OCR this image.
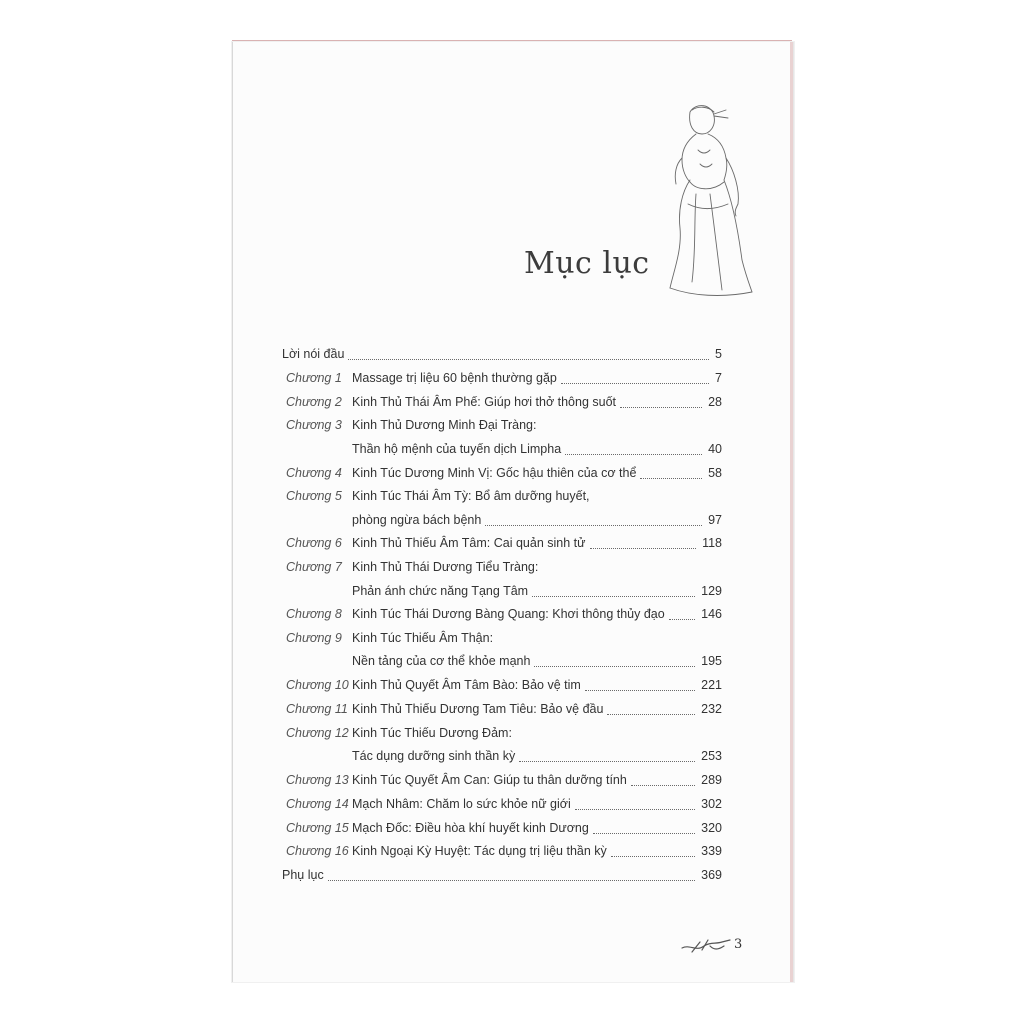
Mục lục
Lời nói đầu	5
Chương 1 Massage trị liệu 60 bệnh thường gặp	7
Chương 2 Kinh Thủ Thái Âm Phế: Giúp hơi thở thông suốt	28
Chương 3 Kinh Thủ Dương Minh Đại Tràng:
Thần hộ mệnh của tuyến dịch Limpha	40
Chương 4 Kinh Túc Dương Minh Vị: Gốc hậu thiên của cơ thể	58
Chương 5 Kinh Túc Thái Âm Tỳ: Bổ âm dưỡng huyết,
phòng ngừa bách bệnh	97
Chương 6 Kinh Thủ Thiếu Âm Tâm: Cai quản sinh tử	118
Chương 7 Kinh Thủ Thái Dương Tiểu Tràng:
Phản ánh chức năng Tạng Tâm	129
Chương 8 Kinh Túc Thái Dương Bàng Quang: Khơi thông thủy đạo	146
Chương 9 Kinh Túc Thiếu Âm Thận:
Nền tảng của cơ thể khỏe mạnh	195
Chương 10 Kinh Thủ Quyết Âm Tâm Bào: Bảo vệ tim	221
Chương 11 Kinh Thủ Thiếu Dương Tam Tiêu: Bảo vệ đầu	232
Chương 12 Kinh Túc Thiếu Dương Đảm:
Tác dụng dưỡng sinh thần kỳ	253
Chương 13 Kinh Túc Quyết Âm Can: Giúp tu thân dưỡng tính	289
Chương 14 Mạch Nhâm: Chăm lo sức khỏe nữ giới	302
Chương 15 Mạch Đốc: Điều hòa khí huyết kinh Dương	320
Chương 16 Kinh Ngoại Kỳ Huyệt: Tác dụng trị liệu thần kỳ	339
Phụ lục	369
3
